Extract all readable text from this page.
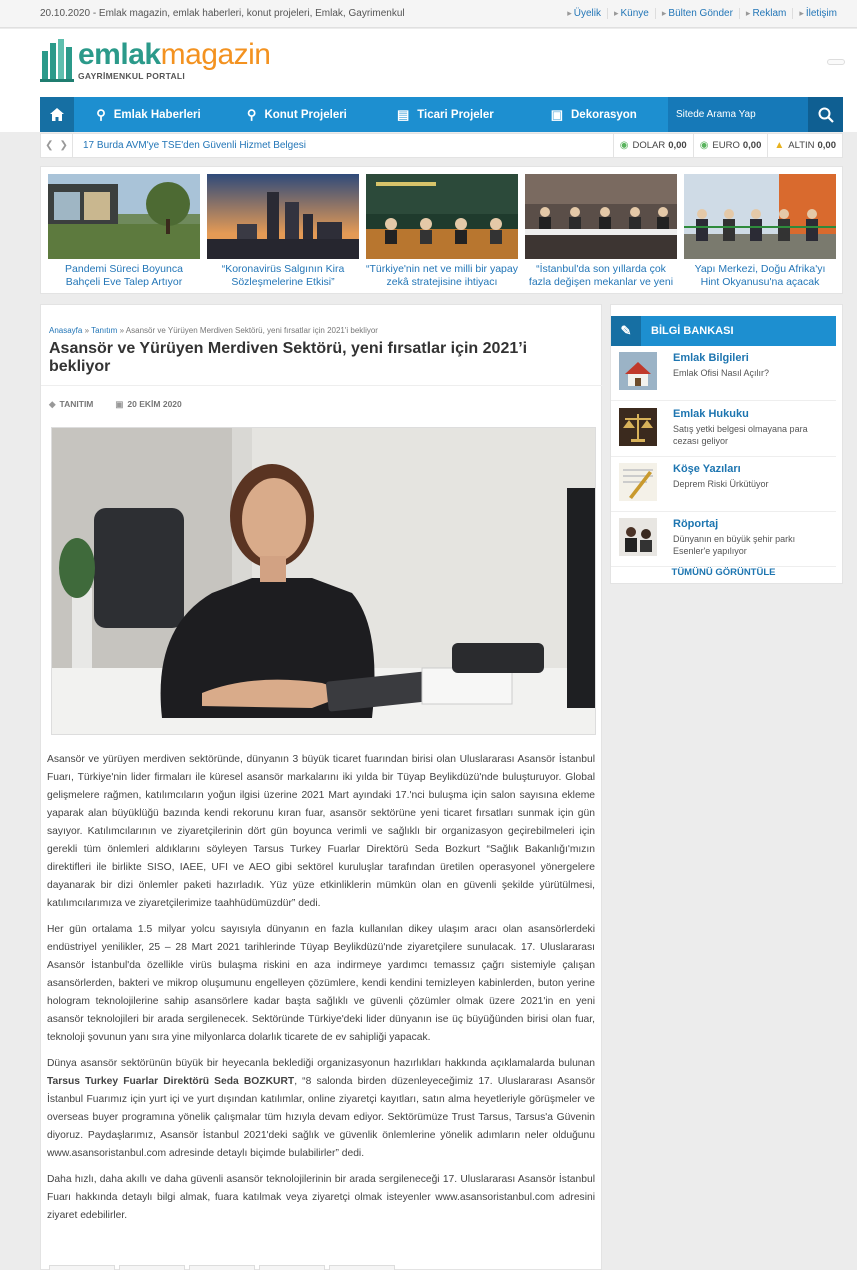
20.10.2020 - Emlak magazin, emlak haberleri, konut projeleri, Emlak, Gayrimenkul	▸ Üyelik ▸ Künye ▸ Bülten Gönder ▸ Reklam ▸ İletişim
emlakmagazin
GAYRİMENKUL PORTALI
⚲ Emlak Haberleri	⚲ Konut Projeleri	▤ Ticari Projeler	▣ Dekorasyon
Sitede Arama Yap
❮ ❯	17 Burda AVM'ye TSE'den Güvenli Hizmet Belgesi	◉ DOLAR 0,00 ◉ EURO 0,00 ▲ ALTIN 0,00
Pandemi Süreci Boyunca Bahçeli Eve Talep Artıyor
“Koronavirüs Salgının Kira Sözleşmelerine Etkisi”
“Türkiye'nin net ve milli bir yapay zekâ stratejisine ihtiyacı
“İstanbul'da son yıllarda çok fazla değişen mekanlar ve yeni
Yapı Merkezi, Doğu Afrika'yı Hint Okyanusu'na açacak
Anasayfa » Tanıtım » Asansör ve Yürüyen Merdiven Sektörü, yeni fırsatlar için 2021'i bekliyor
Asansör ve Yürüyen Merdiven Sektörü, yeni fırsatlar için 2021’i bekliyor
◆ TANITIM	▣ 20 EKİM 2020

Asansör ve yürüyen merdiven sektöründe, dünyanın 3 büyük ticaret fuarından birisi olan Uluslararası Asansör İstanbul Fuarı, Türkiye'nin lider firmaları ile küresel asansör markalarını iki yılda bir Tüyap Beylikdüzü'nde buluşturuyor. Global gelişmelere rağmen, katılımcıların yoğun ilgisi üzerine 2021 Mart ayındaki 17.'nci buluşma için salon sayısına ekleme yaparak alan büyüklüğü bazında kendi rekorunu kıran fuar, asansör sektörüne yeni ticaret fırsatları sunmak için gün sayıyor. Katılımcılarının ve ziyaretçilerinin dört gün boyunca verimli ve sağlıklı bir organizasyon geçirebilmeleri için gerekli tüm önlemleri aldıklarını söyleyen Tarsus Turkey Fuarlar Direktörü Seda Bozkurt “Sağlık Bakanlığı'mızın direktifleri ile birlikte SISO, IAEE, UFI ve AEO gibi sektörel kuruluşlar tarafından üretilen operasyonel yönergelere dayanarak bir dizi önlemler paketi hazırladık. Yüz yüze etkinliklerin mümkün olan en güvenli şekilde yürütülmesi, katılımcılarımıza ve ziyaretçilerimize taahhüdümüzdür” dedi.

Her gün ortalama 1.5 milyar yolcu sayısıyla dünyanın en fazla kullanılan dikey ulaşım aracı olan asansörlerdeki endüstriyel yenilikler, 25 – 28 Mart 2021 tarihlerinde Tüyap Beylikdüzü'nde ziyaretçilere sunulacak. 17. Uluslararası Asansör İstanbul'da özellikle virüs bulaşma riskini en aza indirmeye yardımcı temassız çağrı sistemiyle çalışan asansörlerden, bakteri ve mikrop oluşumunu engelleyen çözümlere, kendi kendini temizleyen kabinlerden, buton yerine hologram teknolojilerine sahip asansörlere kadar başta sağlıklı ve güvenli çözümler olmak üzere 2021'in en yeni asansör teknolojileri bir arada sergilenecek. Sektöründe Türkiye'deki lider dünyanın ise üç büyüğünden birisi olan fuar, teknoloji şovunun yanı sıra yine milyonlarca dolarlık ticarete de ev sahipliği yapacak.

Dünya asansör sektörünün büyük bir heyecanla beklediği organizasyonun hazırlıkları hakkında açıklamalarda bulunan Tarsus Turkey Fuarlar Direktörü Seda BOZKURT, “8 salonda birden düzenleyeceğimiz 17. Uluslararası Asansör İstanbul Fuarımız için yurt içi ve yurt dışından katılımlar, online ziyaretçi kayıtları, satın alma heyetleriyle görüşmeler ve overseas buyer programına yönelik çalışmalar tüm hızıyla devam ediyor. Sektörümüze Trust Tarsus, Tarsus'a Güvenin diyoruz. Paydaşlarımız, Asansör İstanbul 2021'deki sağlık ve güvenlik önlemlerine yönelik adımların neler olduğunu www.asansoristanbul.com adresinde detaylı biçimde bulabilirler” dedi.

Daha hızlı, daha akıllı ve daha güvenli asansör teknolojilerinin bir arada sergileneceği 17. Uluslararası Asansör İstanbul Fuarı hakkında detaylı bilgi almak, fuara katılmak veya ziyaretçi olmak isteyenler www.asansoristanbul.com adresini ziyaret edebilirler.

✎	BİLGİ BANKASI
Emlak Bilgileri
Emlak Ofisi Nasıl Açılır?
Emlak Hukuku
Satış yetki belgesi olmayana para cezası geliyor
Köşe Yazıları
Deprem Riski Ürkütüyor
Röportaj
Dünyanın en büyük şehir parkı Esenler'e yapılıyor
TÜMÜNÜ GÖRÜNTÜLE
